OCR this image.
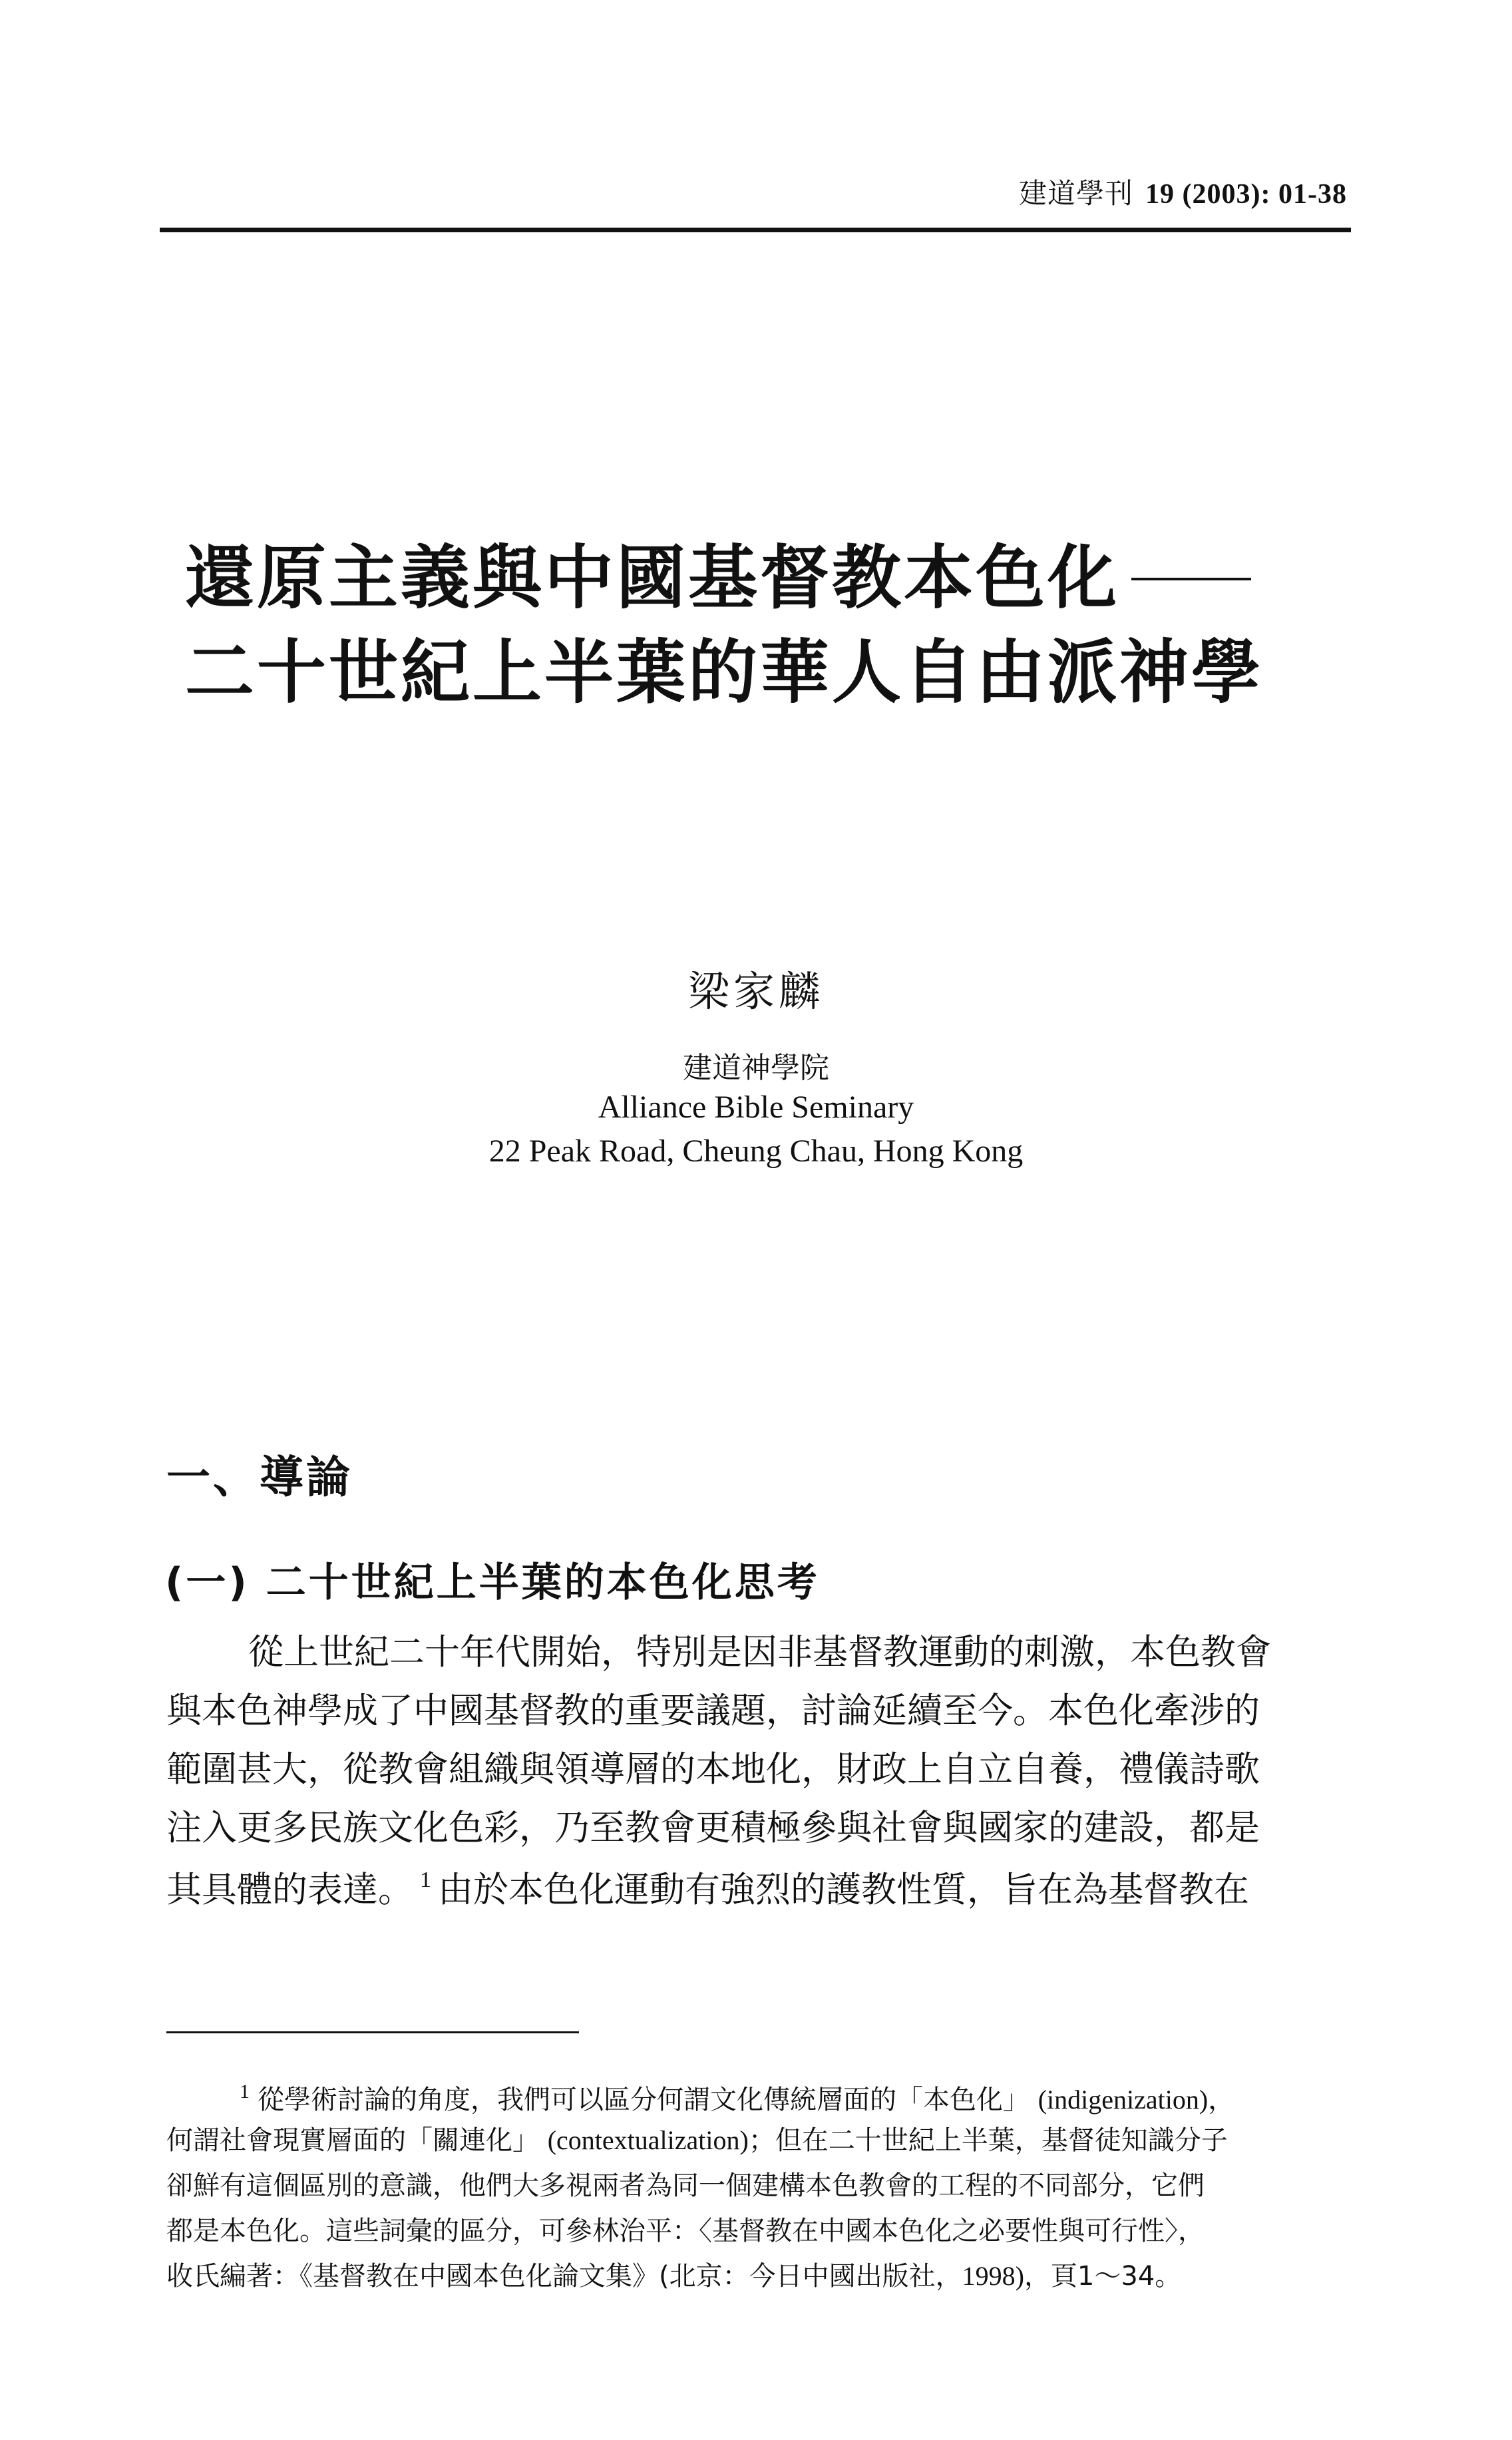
建道學刊 19 (2003): 01-38
還原主義與中國基督教本色化
二十世紀上半葉的華人自由派神學
梁家麟
建道神學院
Alliance Bible Seminary
22 Peak Road, Cheung Chau, Hong Kong
一、導論
(一) 二十世紀上半葉的本色化思考
從上世紀二十年代開始，特別是因非基督教運動的刺激，本色教會
與本色神學成了中國基督教的重要議題，討論延續至今。本色化牽涉的
範圍甚大，從教會組織與領導層的本地化，財政上自立自養，禮儀詩歌
注入更多民族文化色彩，乃至教會更積極參與社會與國家的建設，都是
其具體的表達。 $^1$ 由於本色化運動有強烈的護教性質，旨在為基督教在
$^1$ 從學術討論的角度，我們可以區分何謂文化傳統層面的「本色化」 (indigenization)，
何謂社會現實層面的「關連化」 (contextualization)；但在二十世紀上半葉，基督徒知識分子
卻鮮有這個區別的意識，他們大多視兩者為同一個建構本色教會的工程的不同部分，它們
都是本色化。這些詞彙的區分，可參林治平：〈基督教在中國本色化之必要性與可行性〉，
收氏編著：《基督教在中國本色化論文集》(北京：今日中國出版社，1998)，頁1～34。
